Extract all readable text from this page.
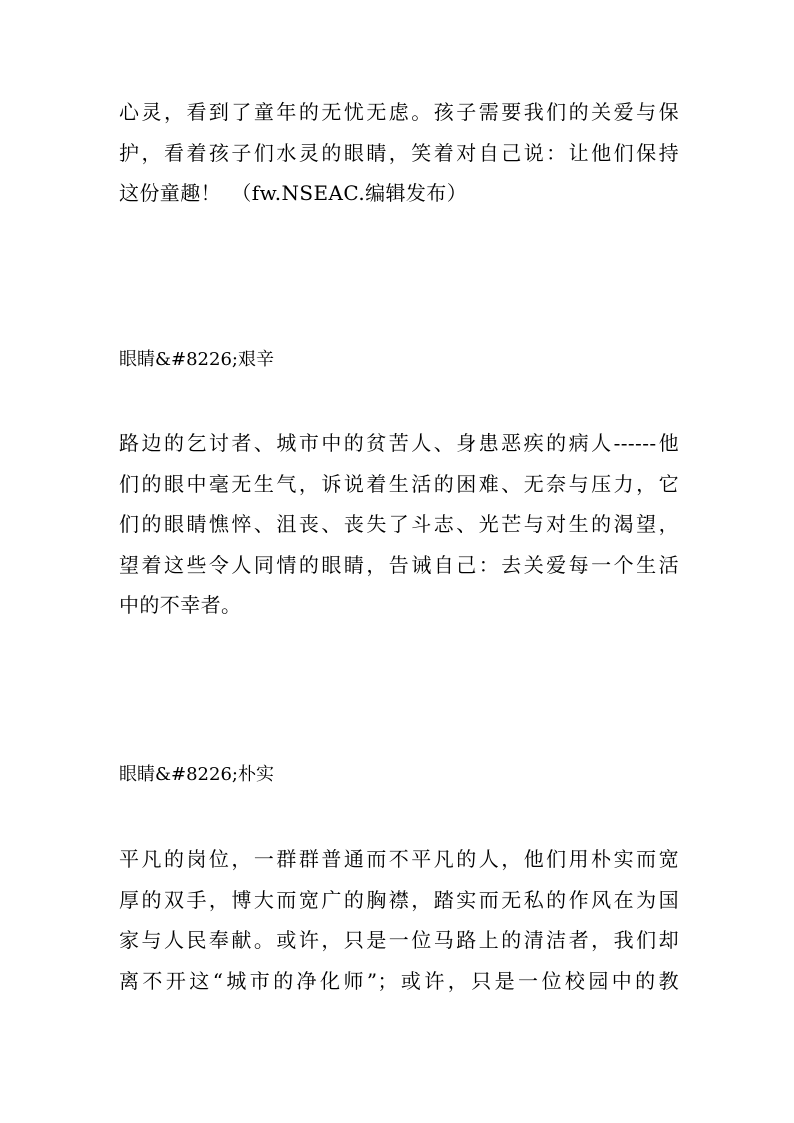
心灵，看到了童年的无忧无虑。孩子需要我们的关爱与保
护，看着孩子们水灵的眼睛，笑着对自己说：让他们保持
这份童趣！　（fw.NSEAC.编辑发布）
眼睛&#8226;艰辛
路边的乞讨者、城市中的贫苦人、身患恶疾的病人------他
们的眼中毫无生气，诉说着生活的困难、无奈与压力，它
们的眼睛憔悴、沮丧、丧失了斗志、光芒与对生的渴望，
望着这些令人同情的眼睛，告诫自己：去关爱每一个生活
中的不幸者。
眼睛&#8226;朴实
平凡的岗位，一群群普通而不平凡的人，他们用朴实而宽
厚的双手，博大而宽广的胸襟，踏实而无私的作风在为国
家与人民奉献。或许，只是一位马路上的清洁者，我们却
离不开这“城市的净化师”；或许，只是一位校园中的教
